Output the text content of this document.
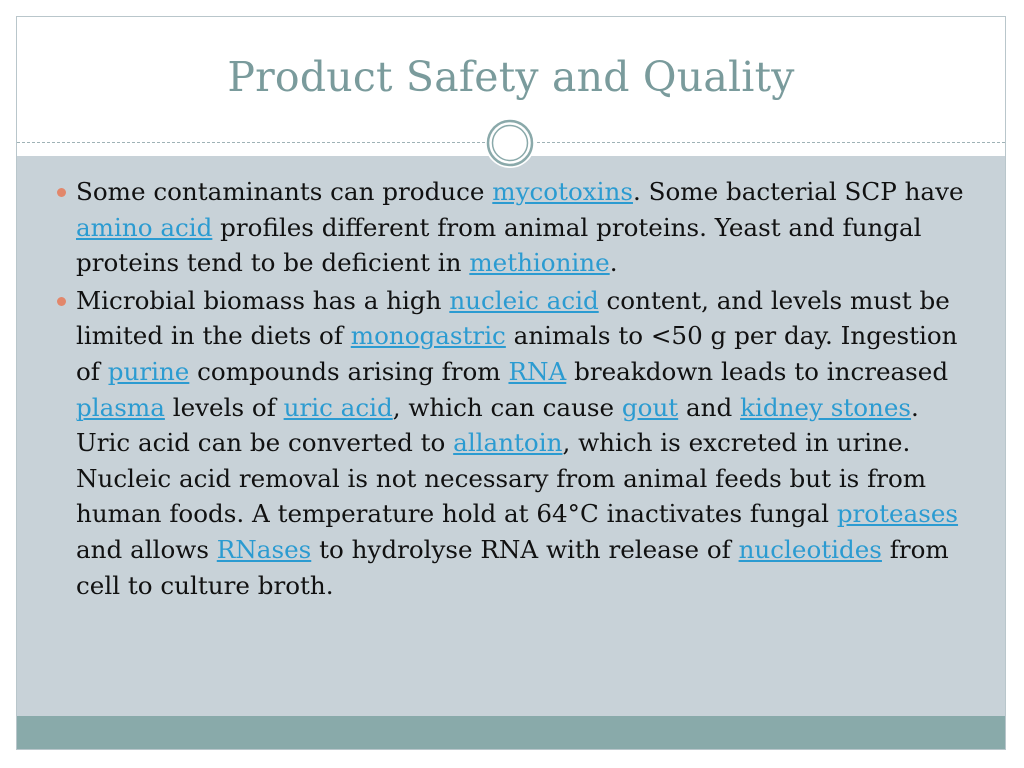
Product Safety and Quality
Some contaminants can produce mycotoxins. Some bacterial SCP have amino acid profiles different from animal proteins. Yeast and fungal proteins tend to be deficient in methionine.
Microbial biomass has a high nucleic acid content, and levels must be limited in the diets of monogastric animals to <50 g per day. Ingestion of purine compounds arising from RNA breakdown leads to increased plasma levels of uric acid, which can cause gout and kidney stones. Uric acid can be converted to allantoin, which is excreted in urine. Nucleic acid removal is not necessary from animal feeds but is from human foods. A temperature hold at 64°C inactivates fungal proteases and allows RNases to hydrolyse RNA with release of nucleotides from cell to culture broth.
